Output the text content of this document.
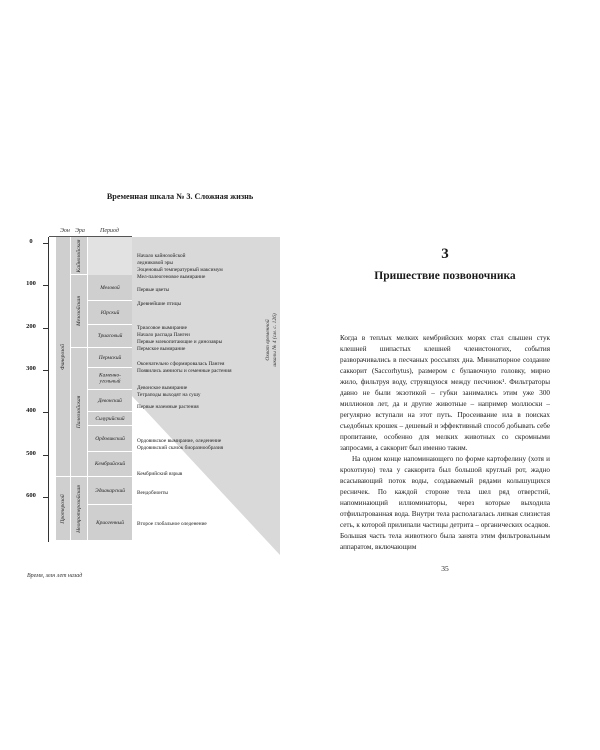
Временная шкала № 3. Сложная жизнь
Эон Эра	Период
0
100
200
300
400
500
600
Фанерозой
Протерозой
Кайнозойская
Мезозойская
Палеозойская
Неопротерозойская
Меловой
Юрский
Триасовый
Пермский
Каменно-угольный
Девонский
Силурийский
Ордовикский
Кембрийский
Эдиакарский
Криогенный
Начало кайнозойской
ледниковой эры
Эоценовый температурный максимум
Мел-палеогеновое вымирание
Первые цветы
Древнейшие птицы
Триасовое вымирание
Начало распада Пангеи
Первые млекопитающие и динозавры
Пермское вымирание
Окончательно сформировалась Пангея
Появились амниоты и семенные растения
Девонское вымирание
Тетраподы выходят на сушу
Первые наземные растения
Ордовикское вымирание, оледенение
Ордовикский скачок биоразнообразия
Кембрийский взрыв
Вендобионты
Второе глобальное оледенение
Охват временной шкалы № 4 (см. с. 126)
Время, млн лет назад
3
Пришествие позвоночника

Когда в теплых мелких кембрийских морях стал слышен стук клешней шипастых клешней членистоногих, события разворачивались в песчаных россыпях дна. Миниатюрное создание саккорит (Saccorhytus), размером с булавочную головку, мирно жило, фильтруя воду, струящуюся между песчинок¹. Фильтраторы давно не были экзотикой – губки занимались этим уже 300 миллионов лет, да и другие животные – например моллюски – регулярно вступали на этот путь. Просеивание ила в поисках съедобных крошек – дешевый и эффективный способ добывать себе пропитание, особенно для мелких животных со скромными запросами, а саккорит был именно таким.

На одном конце напоминающего по форме картофелину (хотя и крохотную) тела у саккорита был большой круглый рот, жадно всасывающий поток воды, создаваемый рядами колышущихся ресничек. По каждой стороне тела шел ряд отверстий, напоминающий иллюминаторы, через которые выходила отфильтрованная вода. Внутри тела располагалась липкая слизистая сеть, к которой прилипали частицы детрита – органических осадков. Большая часть тела животного была занята этим фильтровальным аппаратом, включающим

35
